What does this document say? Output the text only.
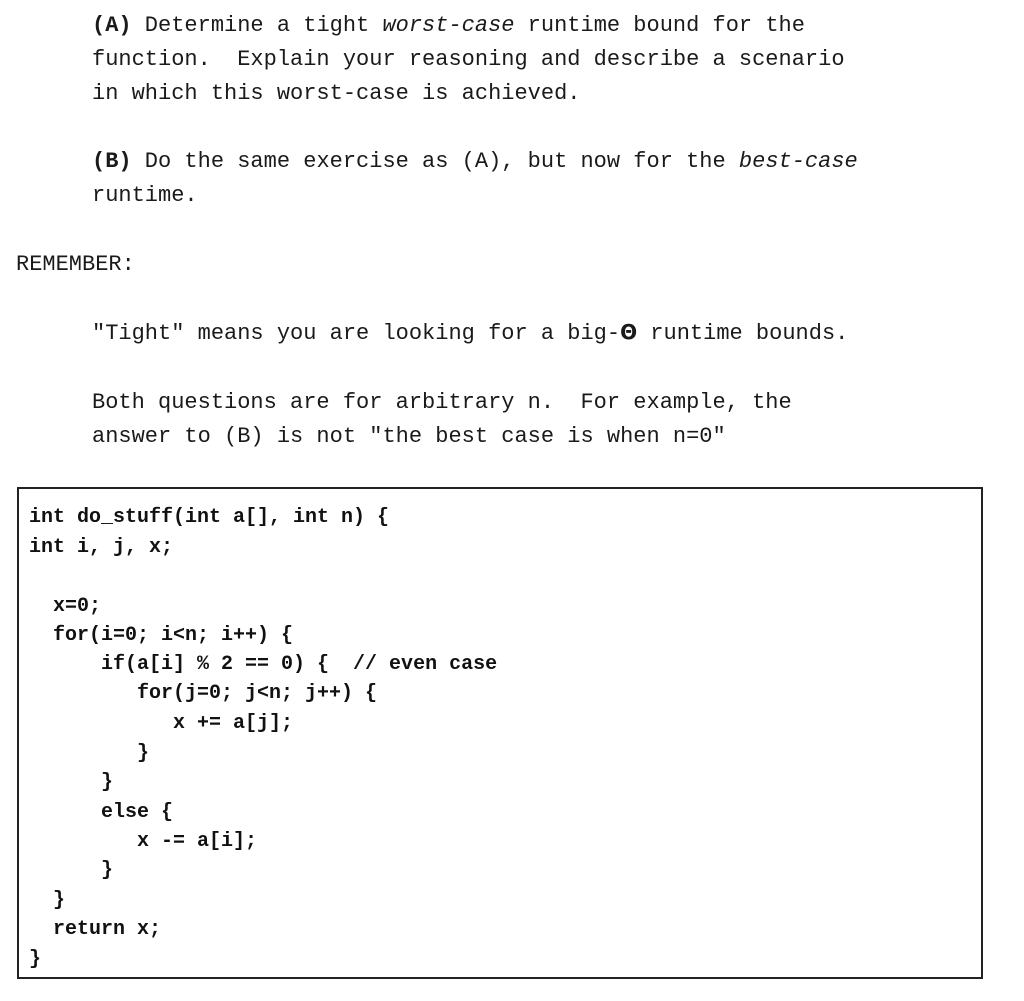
(A) Determine a tight worst-case runtime bound for the
function.  Explain your reasoning and describe a scenario
in which this worst-case is achieved.
(B) Do the same exercise as (A), but now for the best-case
runtime.
REMEMBER:
"Tight" means you are looking for a big-Θ runtime bounds.
Both questions are for arbitrary n.  For example, the
answer to (B) is not "the best case is when n=0"
int do_stuff(int a[], int n) {
int i, j, x;
x=0;
for(i=0; i<n; i++) {
if(a[i] % 2 == 0) {  // even case
for(j=0; j<n; j++) {
x += a[j];
}
}
else {
x -= a[i];
}
}
return x;
}
